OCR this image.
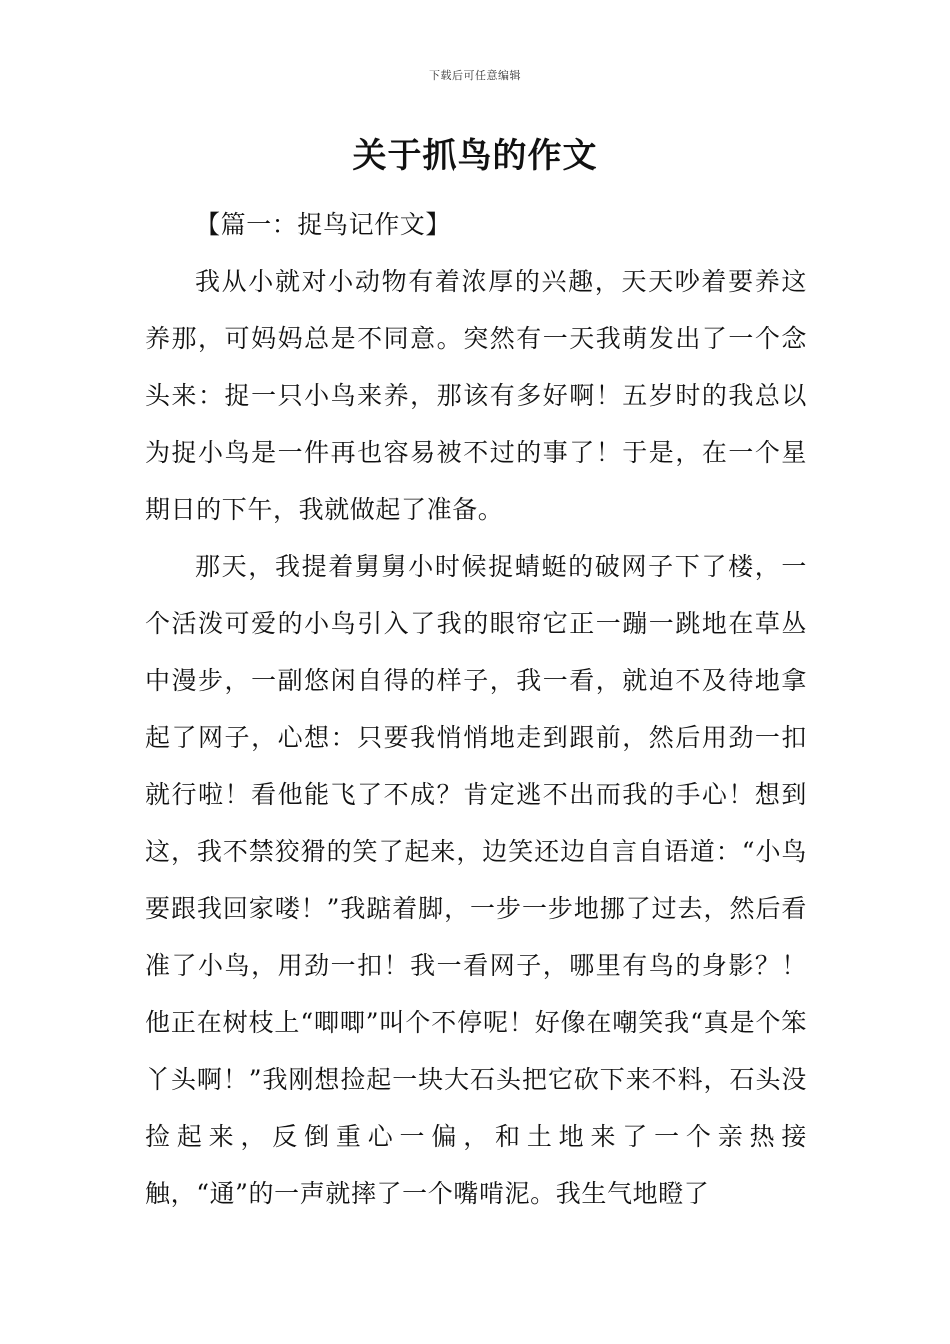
下载后可任意编辑
关于抓鸟的作文

【篇一：捉鸟记作文】

我从小就对小动物有着浓厚的兴趣，天天吵着要养这养那，可妈妈总是不同意。突然有一天我萌发出了一个念头来：捉一只小鸟来养，那该有多好啊！五岁时的我总以为捉小鸟是一件再也容易被不过的事了！于是，在一个星期日的下午，我就做起了准备。

那天，我提着舅舅小时候捉蜻蜓的破网子下了楼，一个活泼可爱的小鸟引入了我的眼帘它正一蹦一跳地在草丛中漫步，一副悠闲自得的样子，我一看，就迫不及待地拿起了网子，心想：只要我悄悄地走到跟前，然后用劲一扣就行啦！看他能飞了不成？肯定逃不出而我的手心！想到这，我不禁狡猾的笑了起来，边笑还边自言自语道：“小鸟要跟我回家喽！”我踮着脚，一步一步地挪了过去，然后看准了小鸟，用劲一扣！我一看网子，哪里有鸟的身影？！他正在树枝上“唧唧”叫个不停呢！好像在嘲笑我“真是个笨丫头啊！”我刚想捡起一块大石头把它砍下来不料，石头没捡起来，反倒重心一偏，和土地来了一个亲热接触，“通”的一声就摔了一个嘴啃泥。我生气地瞪了
